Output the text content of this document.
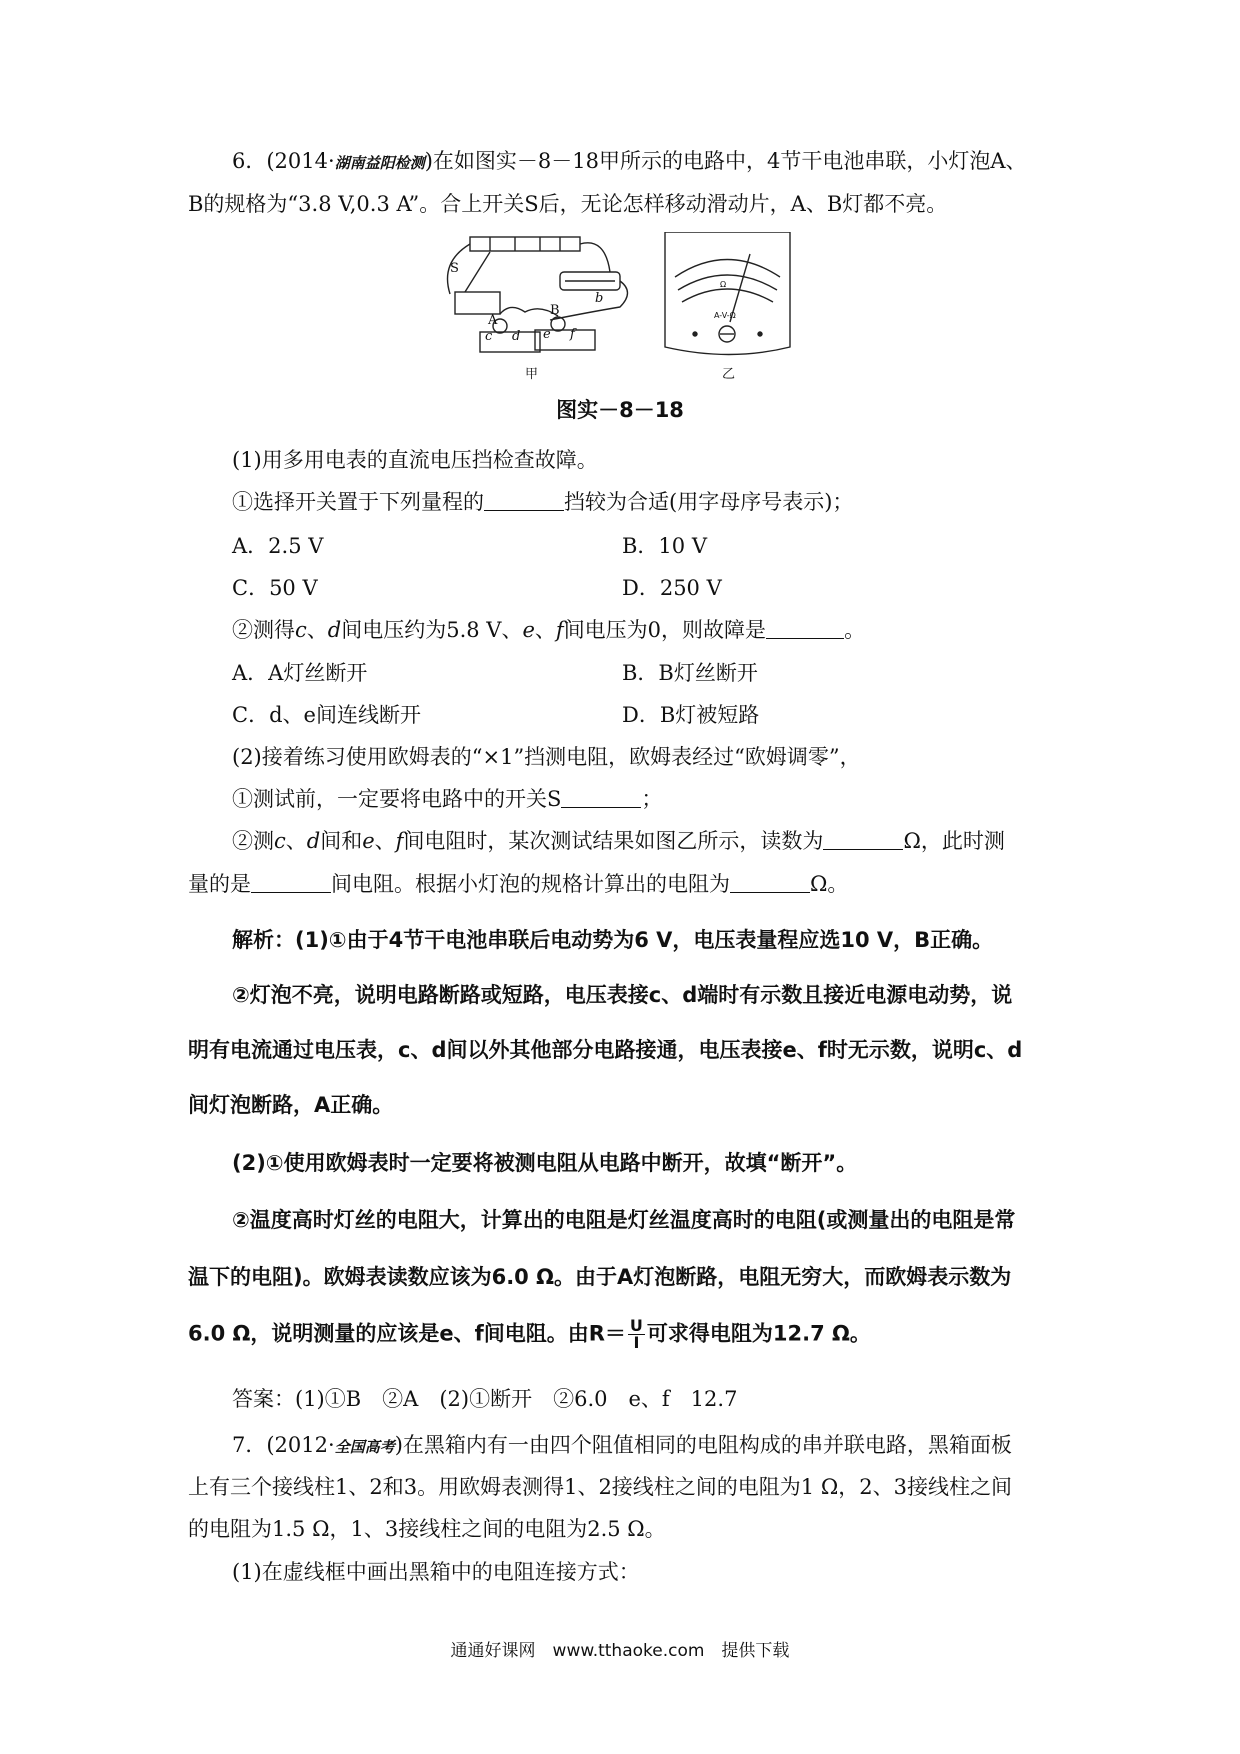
6．(2014·湖南益阳检测)在如图实－8－18甲所示的电路中，4节干电池串联，小灯泡A、
B的规格为“3.8 V,0.3 A”。合上开关S后，无论怎样移动滑动片，A、B灯都不亮。
S
A
B
c d e f
b
甲
Ω
A-V-Ω
乙
图实－8－18
(1)用多用电表的直流电压挡检查故障。
①选择开关置于下列量程的	挡较为合适(用字母序号表示)；
A．2.5 V	B．10 V
C．50 V	D．250 V
②测得c、d间电压约为5.8 V、e、f间电压为0，则故障是	。
A．A灯丝断开	B．B灯丝断开
C．d、e间连线断开	D．B灯被短路
(2)接着练习使用欧姆表的“×1”挡测电阻，欧姆表经过“欧姆调零”，
①测试前，一定要将电路中的开关S	；
②测c、d间和e、f间电阻时，某次测试结果如图乙所示，读数为	Ω，此时测
量的是	间电阻。根据小灯泡的规格计算出的电阻为	Ω。
解析：(1)①由于4节干电池串联后电动势为6 V，电压表量程应选10 V，B正确。
②灯泡不亮，说明电路断路或短路，电压表接c、d端时有示数且接近电源电动势，说
明有电流通过电压表，c、d间以外其他部分电路接通，电压表接e、f时无示数，说明c、d
间灯泡断路，A正确。
(2)①使用欧姆表时一定要将被测电阻从电路中断开，故填“断开”。
②温度高时灯丝的电阻大，计算出的电阻是灯丝温度高时的电阻(或测量出的电阻是常
温下的电阻)。欧姆表读数应该为6.0 Ω。由于A灯泡断路，电阻无穷大，而欧姆表示数为
6.0 Ω，说明测量的应该是e、f间电阻。由$R= \frac{U}{I}$ 可求得电阻为12.7 Ω。
答案：(1)①B　②A　(2)①断开　②6.0　e、f　12.7
7．(2012·全国高考)在黑箱内有一由四个阻值相同的电阻构成的串并联电路，黑箱面板
上有三个接线柱1、2和3。用欧姆表测得1、2接线柱之间的电阻为1 Ω，2、3接线柱之间
的电阻为1.5 Ω，1、3接线柱之间的电阻为2.5 Ω。
(1)在虚线框中画出黑箱中的电阻连接方式：
通通好课网　www.tthaoke.com　提供下载
